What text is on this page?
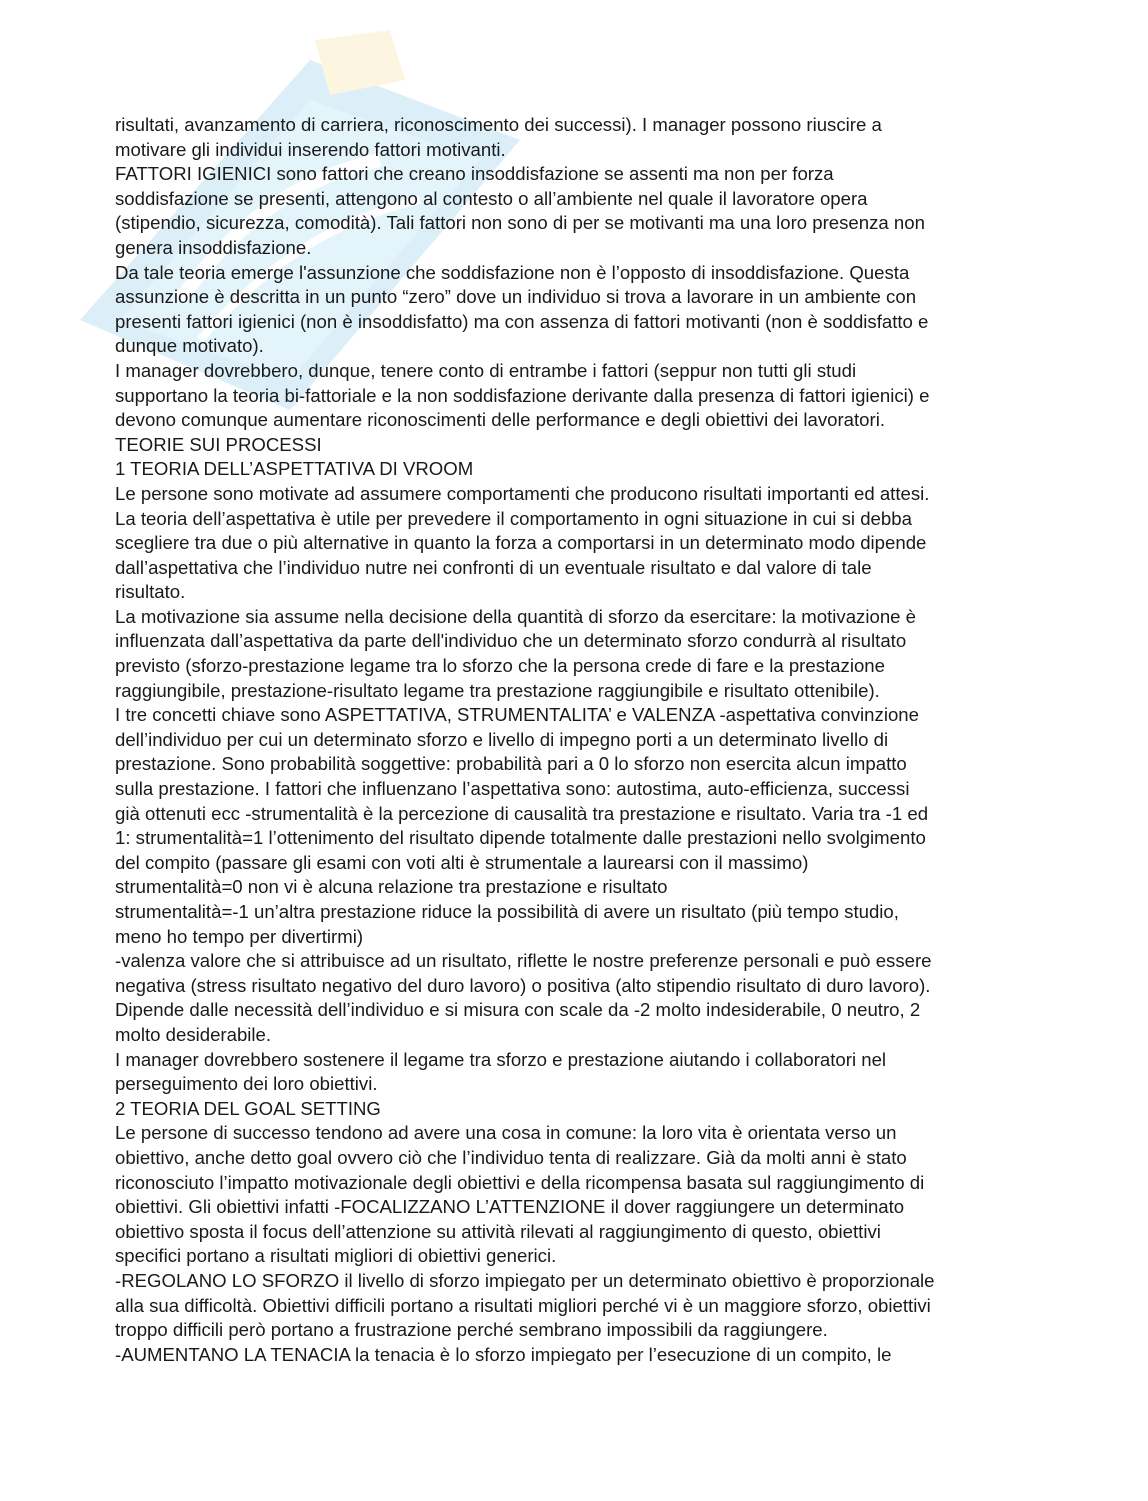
risultati, avanzamento di carriera, riconoscimento dei successi). I manager possono riuscire a

motivare gli individui inserendo fattori motivanti.

FATTORI IGIENICI sono fattori che creano insoddisfazione se assenti ma non per forza

soddisfazione se presenti, attengono al contesto o all’ambiente nel quale il lavoratore opera

(stipendio, sicurezza, comodità). Tali fattori non sono di per se motivanti ma una loro presenza non

genera insoddisfazione.

Da tale teoria emerge l'assunzione che soddisfazione non è l’opposto di insoddisfazione. Questa

assunzione è descritta in un punto “zero” dove un individuo si trova a lavorare in un ambiente con

presenti fattori igienici (non è insoddisfatto) ma con assenza di fattori motivanti (non è soddisfatto e

dunque motivato).

I manager dovrebbero, dunque, tenere conto di entrambe i fattori (seppur non tutti gli studi

supportano la teoria bi-fattoriale e la non soddisfazione derivante dalla presenza di fattori igienici) e

devono comunque aumentare riconoscimenti delle performance e degli obiettivi dei lavoratori.

TEORIE SUI PROCESSI

1 TEORIA DELL’ASPETTATIVA DI VROOM

Le persone sono motivate ad assumere comportamenti che producono risultati importanti ed attesi.

La teoria dell’aspettativa è utile per prevedere il comportamento in ogni situazione in cui si debba

scegliere tra due o più alternative in quanto la forza a comportarsi in un determinato modo dipende

dall’aspettativa che l’individuo nutre nei confronti di un eventuale risultato e dal valore di tale

risultato.

La motivazione sia assume nella decisione della quantità di sforzo da esercitare: la motivazione è

influenzata dall’aspettativa da parte dell'individuo che un determinato sforzo condurrà al risultato

previsto (sforzo-prestazione legame tra lo sforzo che la persona crede di fare e la prestazione

raggiungibile, prestazione-risultato legame tra prestazione raggiungibile e risultato ottenibile).

I tre concetti chiave sono ASPETTATIVA, STRUMENTALITA’ e VALENZA -aspettativa convinzione

dell’individuo per cui un determinato sforzo e livello di impegno porti a un determinato livello di

prestazione. Sono probabilità soggettive: probabilità pari a 0 lo sforzo non esercita alcun impatto

sulla prestazione. I fattori che influenzano l’aspettativa sono: autostima, auto-efficienza, successi

già ottenuti ecc -strumentalità è la percezione di causalità tra prestazione e risultato. Varia tra -1 ed

1: strumentalità=1 l’ottenimento del risultato dipende totalmente dalle prestazioni nello svolgimento

del compito (passare gli esami con voti alti è strumentale a laurearsi con il massimo)

strumentalità=0 non vi è alcuna relazione tra prestazione e risultato

strumentalità=-1 un’altra prestazione riduce la possibilità di avere un risultato (più tempo studio,

meno ho tempo per divertirmi)

-valenza valore che si attribuisce ad un risultato, riflette le nostre preferenze personali e può essere

negativa (stress risultato negativo del duro lavoro) o positiva (alto stipendio risultato di duro lavoro).

Dipende dalle necessità dell’individuo e si misura con scale da -2 molto indesiderabile, 0 neutro, 2

molto desiderabile.

I manager dovrebbero sostenere il legame tra sforzo e prestazione aiutando i collaboratori nel

perseguimento dei loro obiettivi.

2 TEORIA DEL GOAL SETTING

Le persone di successo tendono ad avere una cosa in comune: la loro vita è orientata verso un

obiettivo, anche detto goal ovvero ciò che l’individuo tenta di realizzare. Già da molti anni è stato

riconosciuto l’impatto motivazionale degli obiettivi e della ricompensa basata sul raggiungimento di

obiettivi. Gli obiettivi infatti -FOCALIZZANO L’ATTENZIONE il dover raggiungere un determinato

obiettivo sposta il focus dell’attenzione su attività rilevati al raggiungimento di questo, obiettivi

specifici portano a risultati migliori di obiettivi generici.

-REGOLANO LO SFORZO il livello di sforzo impiegato per un determinato obiettivo è proporzionale

alla sua difficoltà. Obiettivi difficili portano a risultati migliori perché vi è un maggiore sforzo, obiettivi

troppo difficili però portano a frustrazione perché sembrano impossibili da raggiungere.

-AUMENTANO LA TENACIA la tenacia è lo sforzo impiegato per l’esecuzione di un compito, le
